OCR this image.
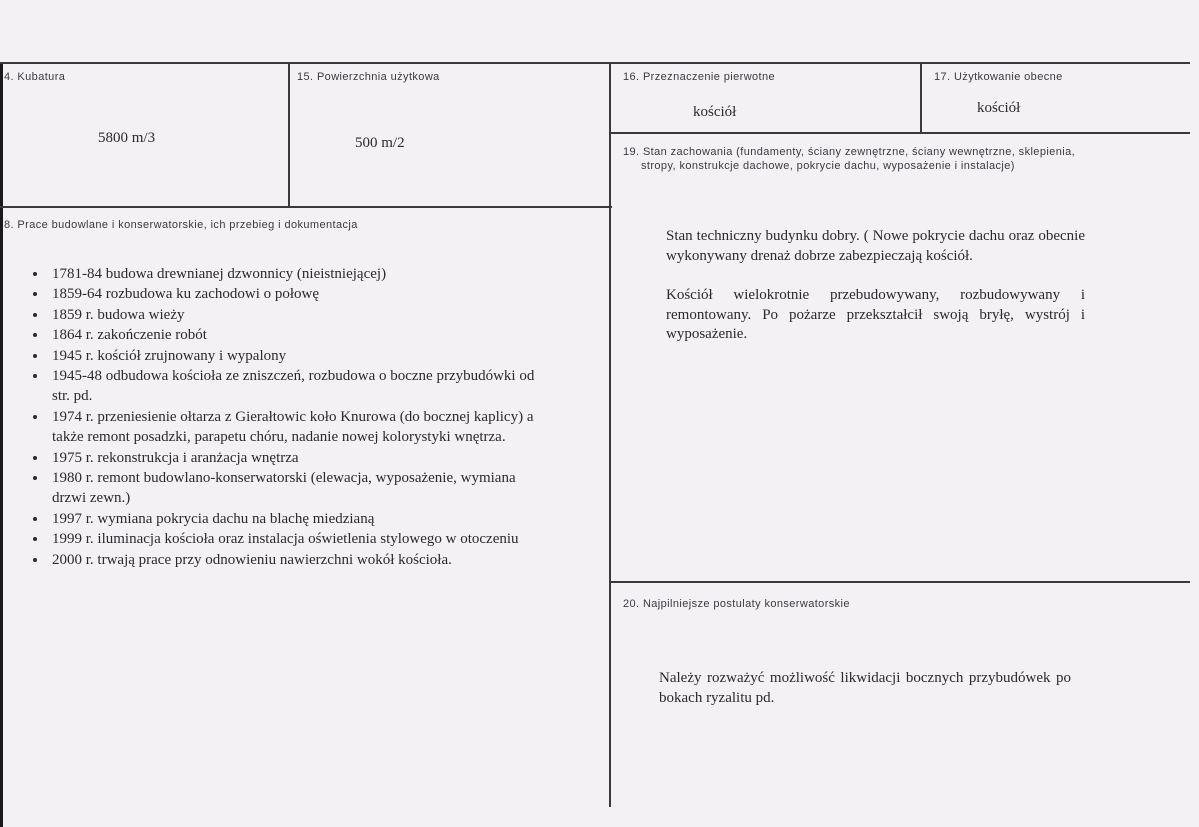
4. Kubatura
5800 m/3
15. Powierzchnia użytkowa
500 m/2
16. Przeznaczenie pierwotne
kościół
17. Użytkowanie obecne
kościół
8. Prace budowlane i konserwatorskie, ich przebieg i dokumentacja
• 1781-84 budowa drewnianej dzwonnicy (nieistniejącej)
• 1859-64 rozbudowa ku zachodowi o połowę
• 1859 r. budowa wieży
• 1864 r. zakończenie robót
• 1945 r. kościół zrujnowany i wypalony
• 1945-48 odbudowa kościoła ze zniszczeń, rozbudowa o boczne przybudówki od str. pd.
• 1974 r. przeniesienie ołtarza z Gierałtowic koło Knurowa (do bocznej kaplicy) a także remont posadzki, parapetu chóru, nadanie nowej kolorystyki wnętrza.
• 1975 r. rekonstrukcja i aranżacja wnętrza
• 1980 r. remont budowlano-konserwatorski (elewacja, wyposażenie, wymiana drzwi zewn.)
• 1997 r. wymiana pokrycia dachu na blachę miedzianą
• 1999 r. iluminacja kościoła oraz instalacja oświetlenia stylowego w otoczeniu
• 2000 r. trwają prace przy odnowieniu nawierzchni wokół kościoła.
19. Stan zachowania (fundamenty, ściany zewnętrzne, ściany wewnętrzne, sklepienia,
stropy, konstrukcje dachowe, pokrycie dachu, wyposażenie i instalacje)
Stan techniczny budynku dobry. ( Nowe pokrycie dachu oraz obecnie wykonywany drenaż dobrze zabezpieczają kościół.
Kościół wielokrotnie przebudowywany, rozbudowywany i remontowany. Po pożarze przekształcił swoją bryłę, wystrój i wyposażenie.
20. Najpilniejsze postulaty konserwatorskie
Należy rozważyć możliwość likwidacji bocznych przybudówek po bokach ryzalitu pd.
